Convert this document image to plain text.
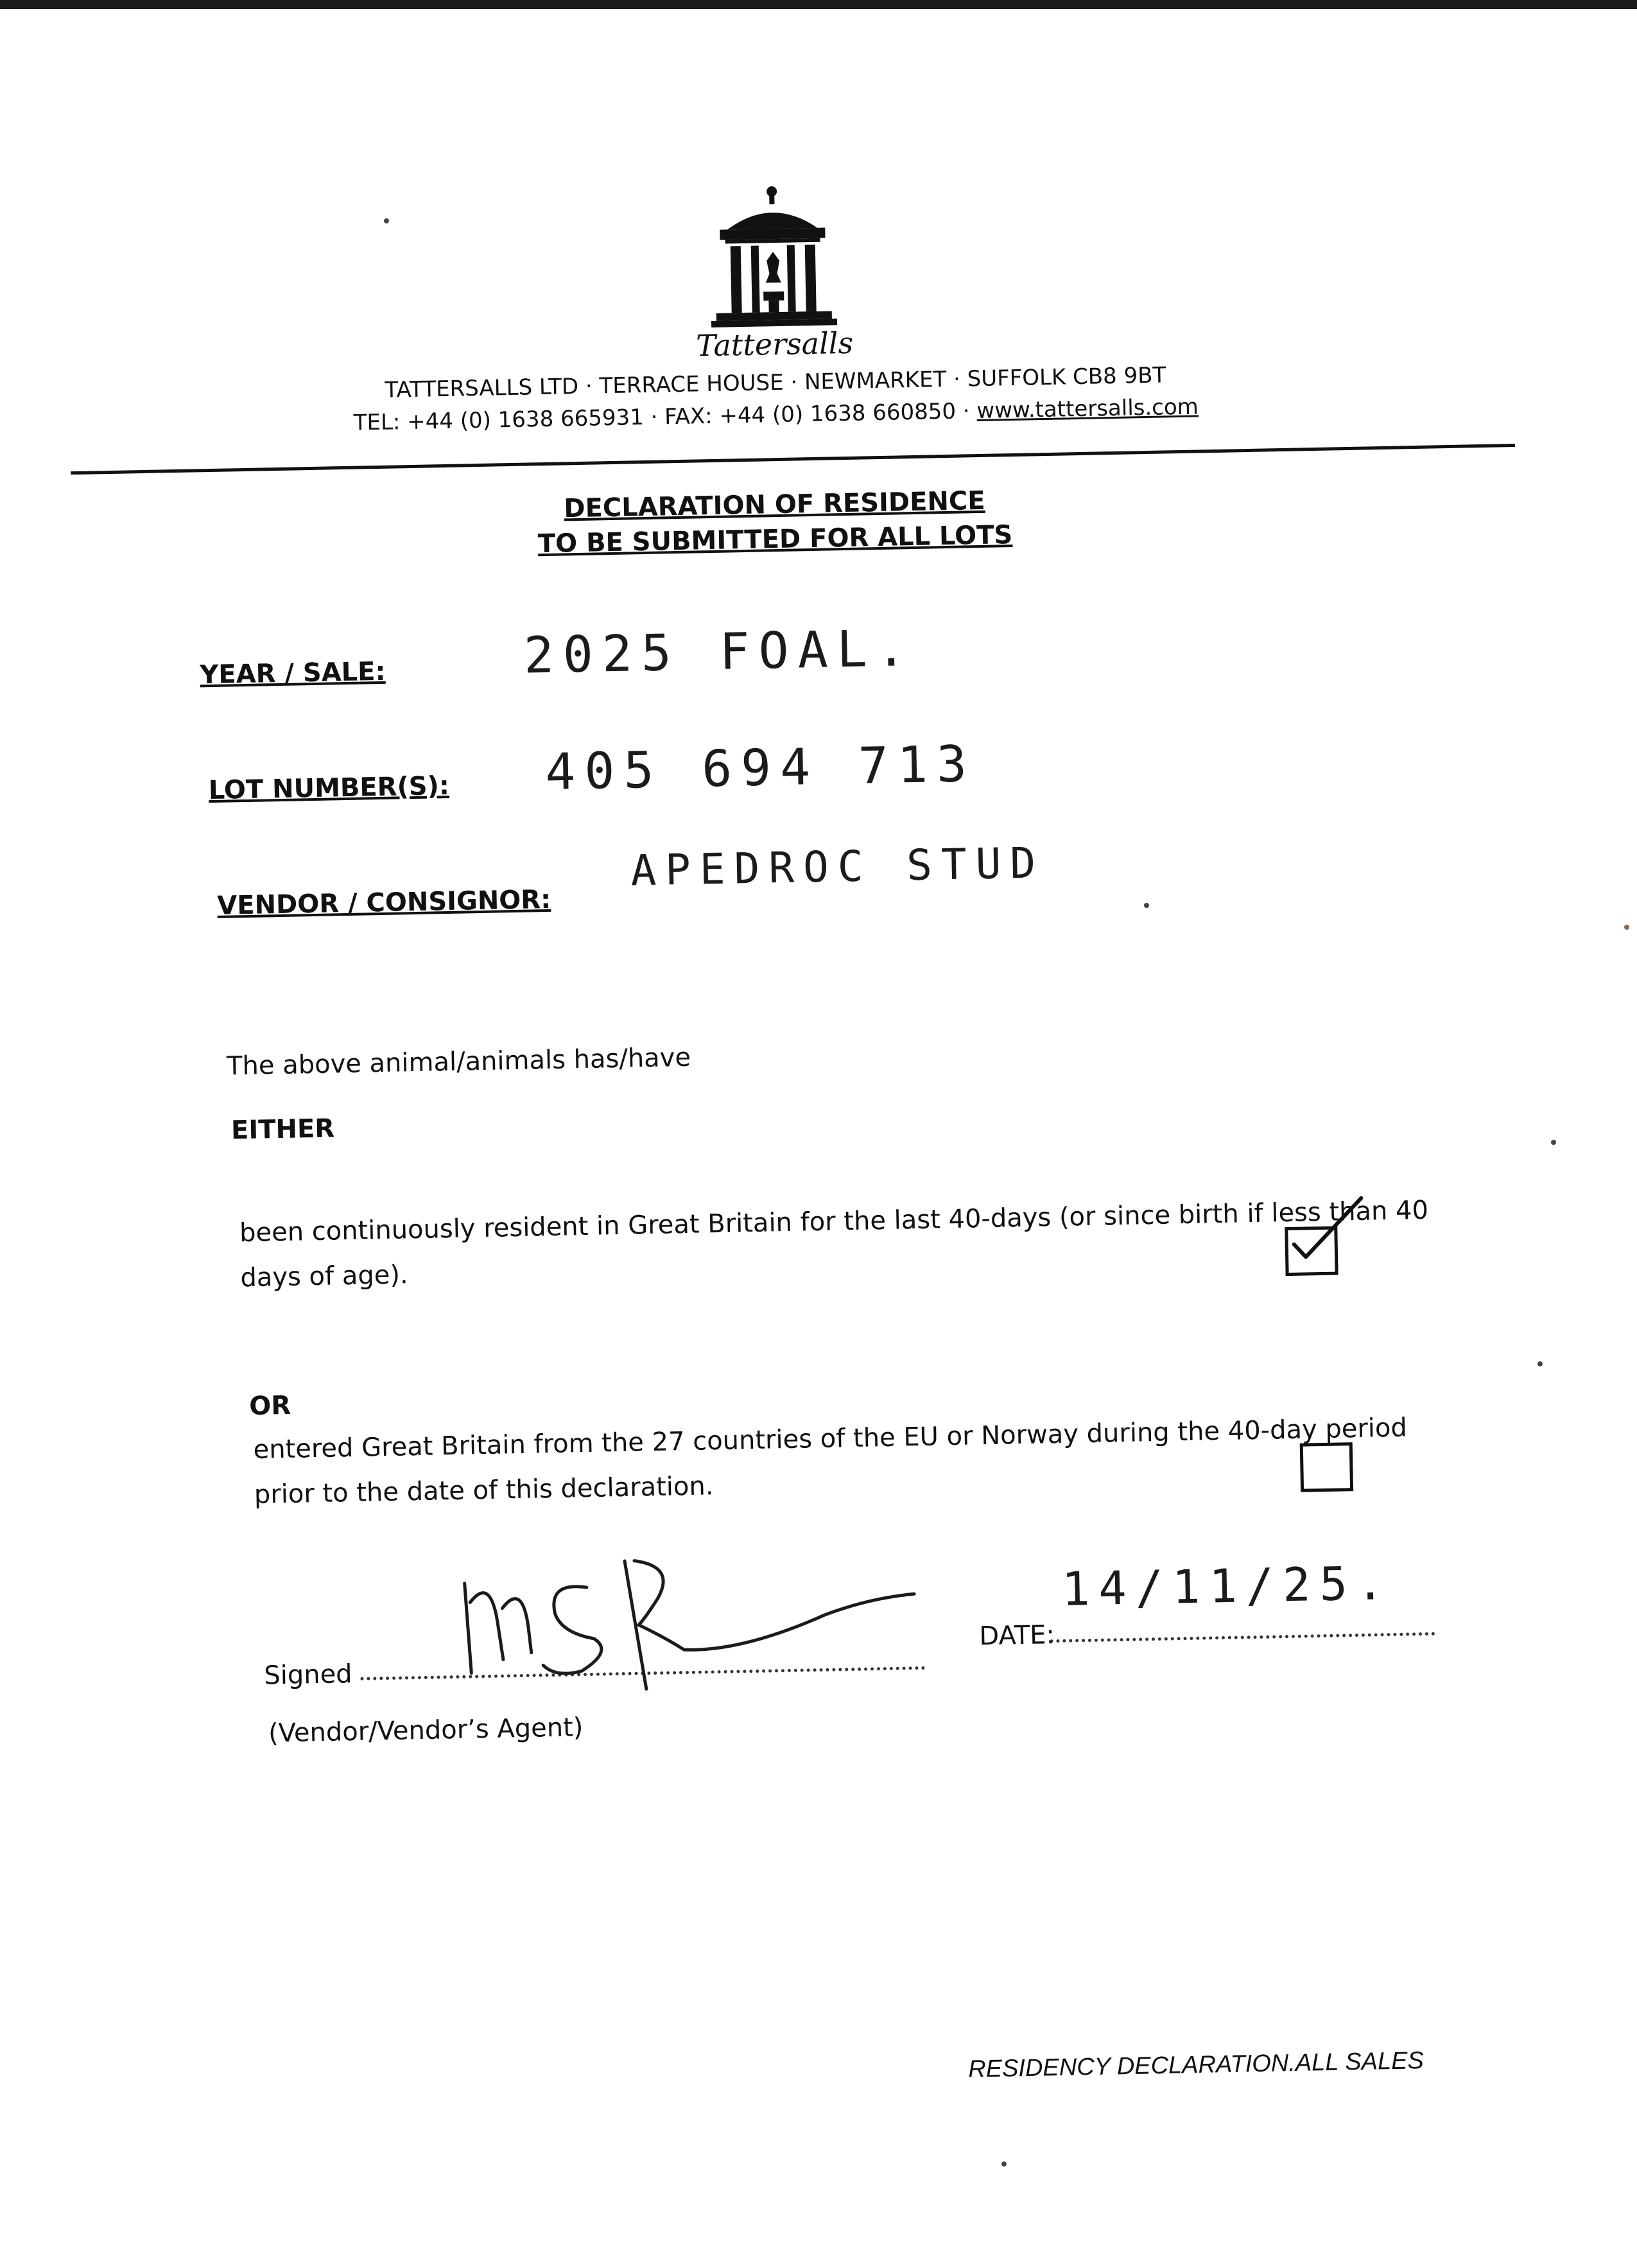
Tattersalls
TATTERSALLS LTD · TERRACE HOUSE · NEWMARKET · SUFFOLK CB8 9BT
TEL: +44 (0) 1638 665931 · FAX: +44 (0) 1638 660850 · www.tattersalls.com
DECLARATION OF RESIDENCE
TO BE SUBMITTED FOR ALL LOTS
YEAR / SALE:	2025 FOAL.
LOT NUMBER(S): 405 694 713
VENDOR / CONSIGNOR:
APEDROC STUD
The above animal/animals has/have
EITHER
been continuously resident in Great Britain for the last 40-days (or since birth if less than 40
days of age).
OR
entered Great Britain from the 27 countries of the EU or Norway during the 40-day period
prior to the date of this declaration.
Signed
DATE:
14/11/25.
(Vendor/Vendor’s Agent)
RESIDENCY DECLARATION.ALL SALES
